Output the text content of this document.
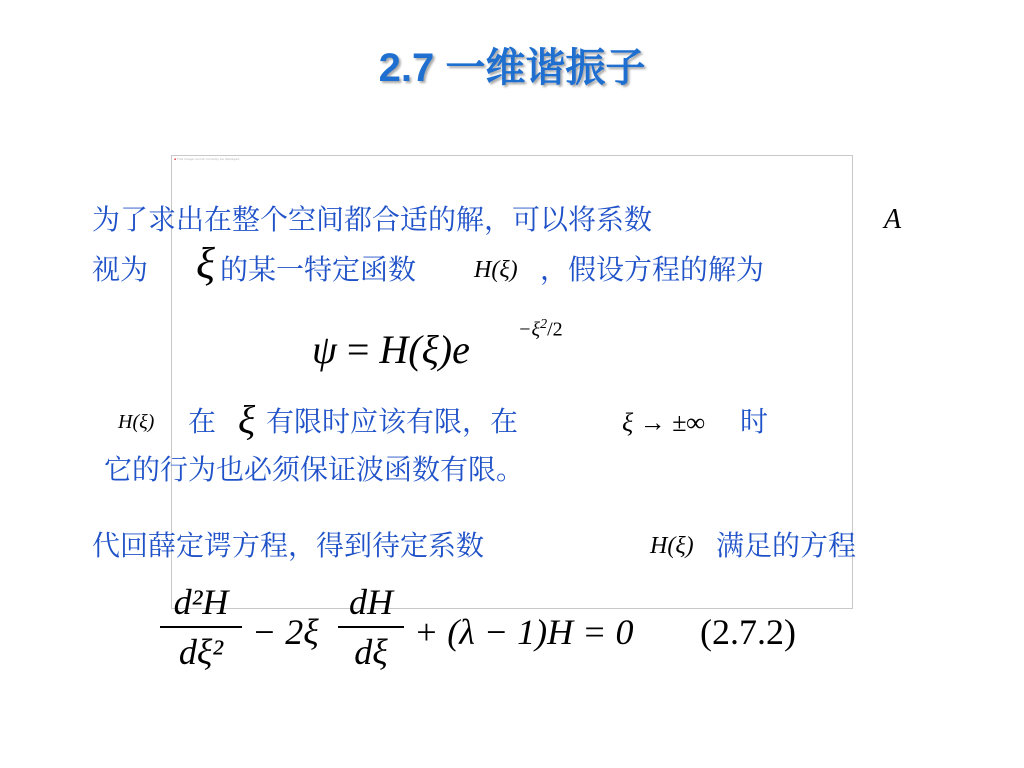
2.7 一维谐振子
▪ This image cannot currently be displayed.
为了求出在整个空间都合适的解，可以将系数	A
视为 ξ 的某一特定函数 H(ξ) ，假设方程的解为
$\psi = H(\xi)e -\xi^2/2$
H(ξ) 在 ξ 有限时应该有限，在	ξ → ±∞ 时
它的行为也必须保证波函数有限。
代回薛定谔方程，得到待定系数	H(ξ) 满足的方程
d²H
dξ² − 2ξ
dH
dξ + (λ − 1)H = 0 (2.7.2)
